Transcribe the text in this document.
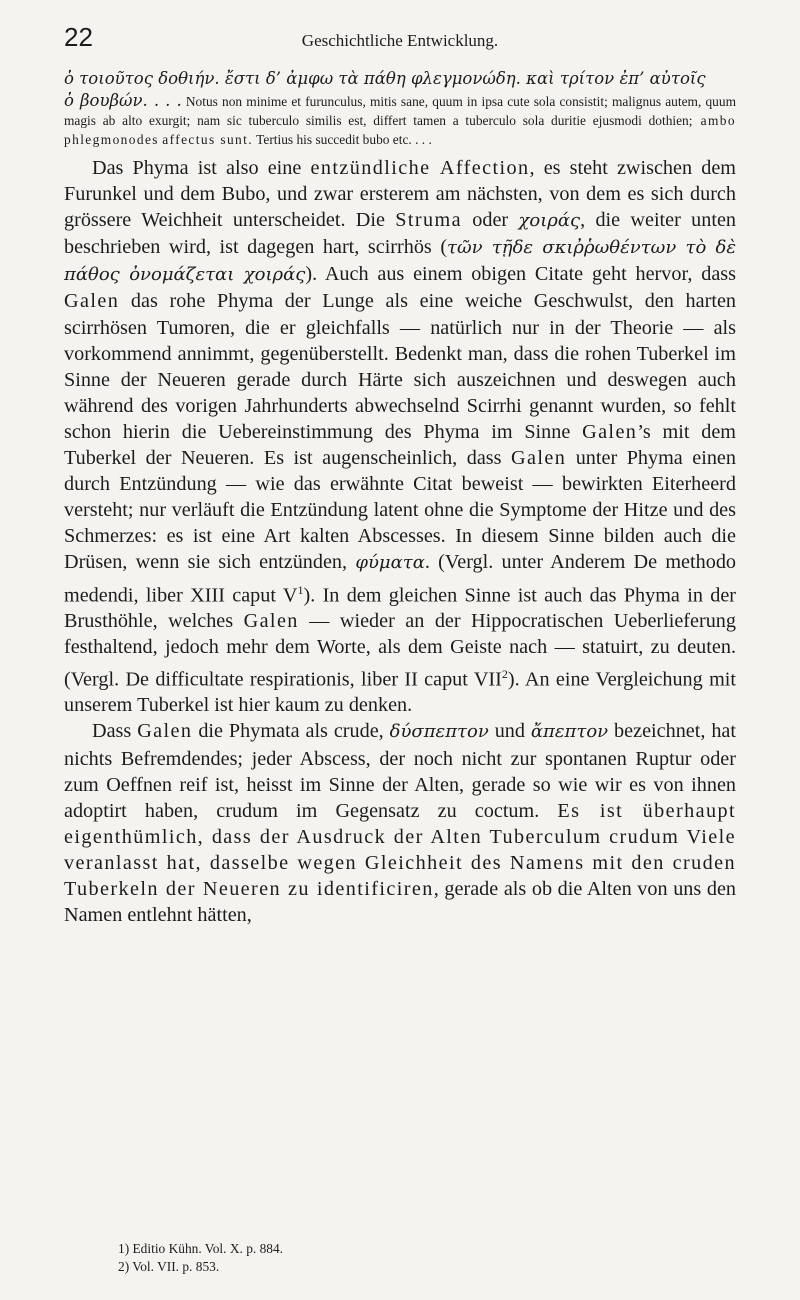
22	Geschichtliche Entwicklung.

ὁ τοιοῦτος δοθιήν. ἔστι δ’ ἀμφω τὰ πάθη φλεγμονώδη. καὶ τρίτον ἐπ’ αὐτοῖς

ὁ βουβών. . . . Notus non minime et furunculus, mitis sane, quum in ipsa cute sola consistit; malignus autem, quum magis ab alto exurgit; nam sic tuberculo similis est, differt tamen a tuberculo sola duritie ejusmodi dothien; ambo phlegmonodes affectus sunt. Tertius his succedit bubo etc. . . .

Das Phyma ist also eine entzündliche Affection, es steht zwischen dem Furunkel und dem Bubo, und zwar ersterem am nächsten, von dem es sich durch grössere Weichheit unterscheidet. Die Struma oder χοιράς, die weiter unten beschrieben wird, ist dagegen hart, scirrhös (τῶν τῇδε σκιῤῥωθέντων τὸ δὲ πάθος ὀνομάζεται χοιράς). Auch aus einem obigen Citate geht hervor, dass Galen das rohe Phyma der Lunge als eine weiche Geschwulst, den harten scirrhösen Tumoren, die er gleichfalls — natürlich nur in der Theorie — als vorkommend annimmt, gegenüberstellt. Bedenkt man, dass die rohen Tuberkel im Sinne der Neueren gerade durch Härte sich auszeichnen und deswegen auch während des vorigen Jahrhunderts abwechselnd Scirrhi genannt wurden, so fehlt schon hierin die Uebereinstimmung des Phyma im Sinne Galen’s mit dem Tuberkel der Neueren. Es ist augenscheinlich, dass Galen unter Phyma einen durch Entzündung — wie das erwähnte Citat beweist — bewirkten Eiterheerd versteht; nur verläuft die Entzündung latent ohne die Symptome der Hitze und des Schmerzes: es ist eine Art kalten Abscesses. In diesem Sinne bilden auch die Drüsen, wenn sie sich entzünden, φύματα. (Vergl. unter Anderem De methodo medendi, liber XIII caput $V^1$). In dem gleichen Sinne ist auch das Phyma in der Brusthöhle, welches Galen — wieder an der Hippocratischen Ueberlieferung festhaltend, jedoch mehr dem Worte, als dem Geiste nach — statuirt, zu deuten. (Vergl. De difficultate respirationis, liber II caput VII$^2$). An eine Vergleichung mit unserem Tuberkel ist hier kaum zu denken.

Dass Galen die Phymata als crude, δύσπεπτον und ἄπεπτον bezeichnet, hat nichts Befremdendes; jeder Abscess, der noch nicht zur spontanen Ruptur oder zum Oeffnen reif ist, heisst im Sinne der Alten, gerade so wie wir es von ihnen adoptirt haben, crudum im Gegensatz zu coctum. Es ist überhaupt eigenthümlich, dass der Ausdruck der Alten Tuberculum crudum Viele veranlasst hat, dasselbe wegen Gleichheit des Namens mit den cruden Tuberkeln der Neueren zu identificiren, gerade als ob die Alten von uns den Namen entlehnt hätten,

1) Editio Kühn. Vol. X. p. 884.
2) Vol. VII. p. 853.
